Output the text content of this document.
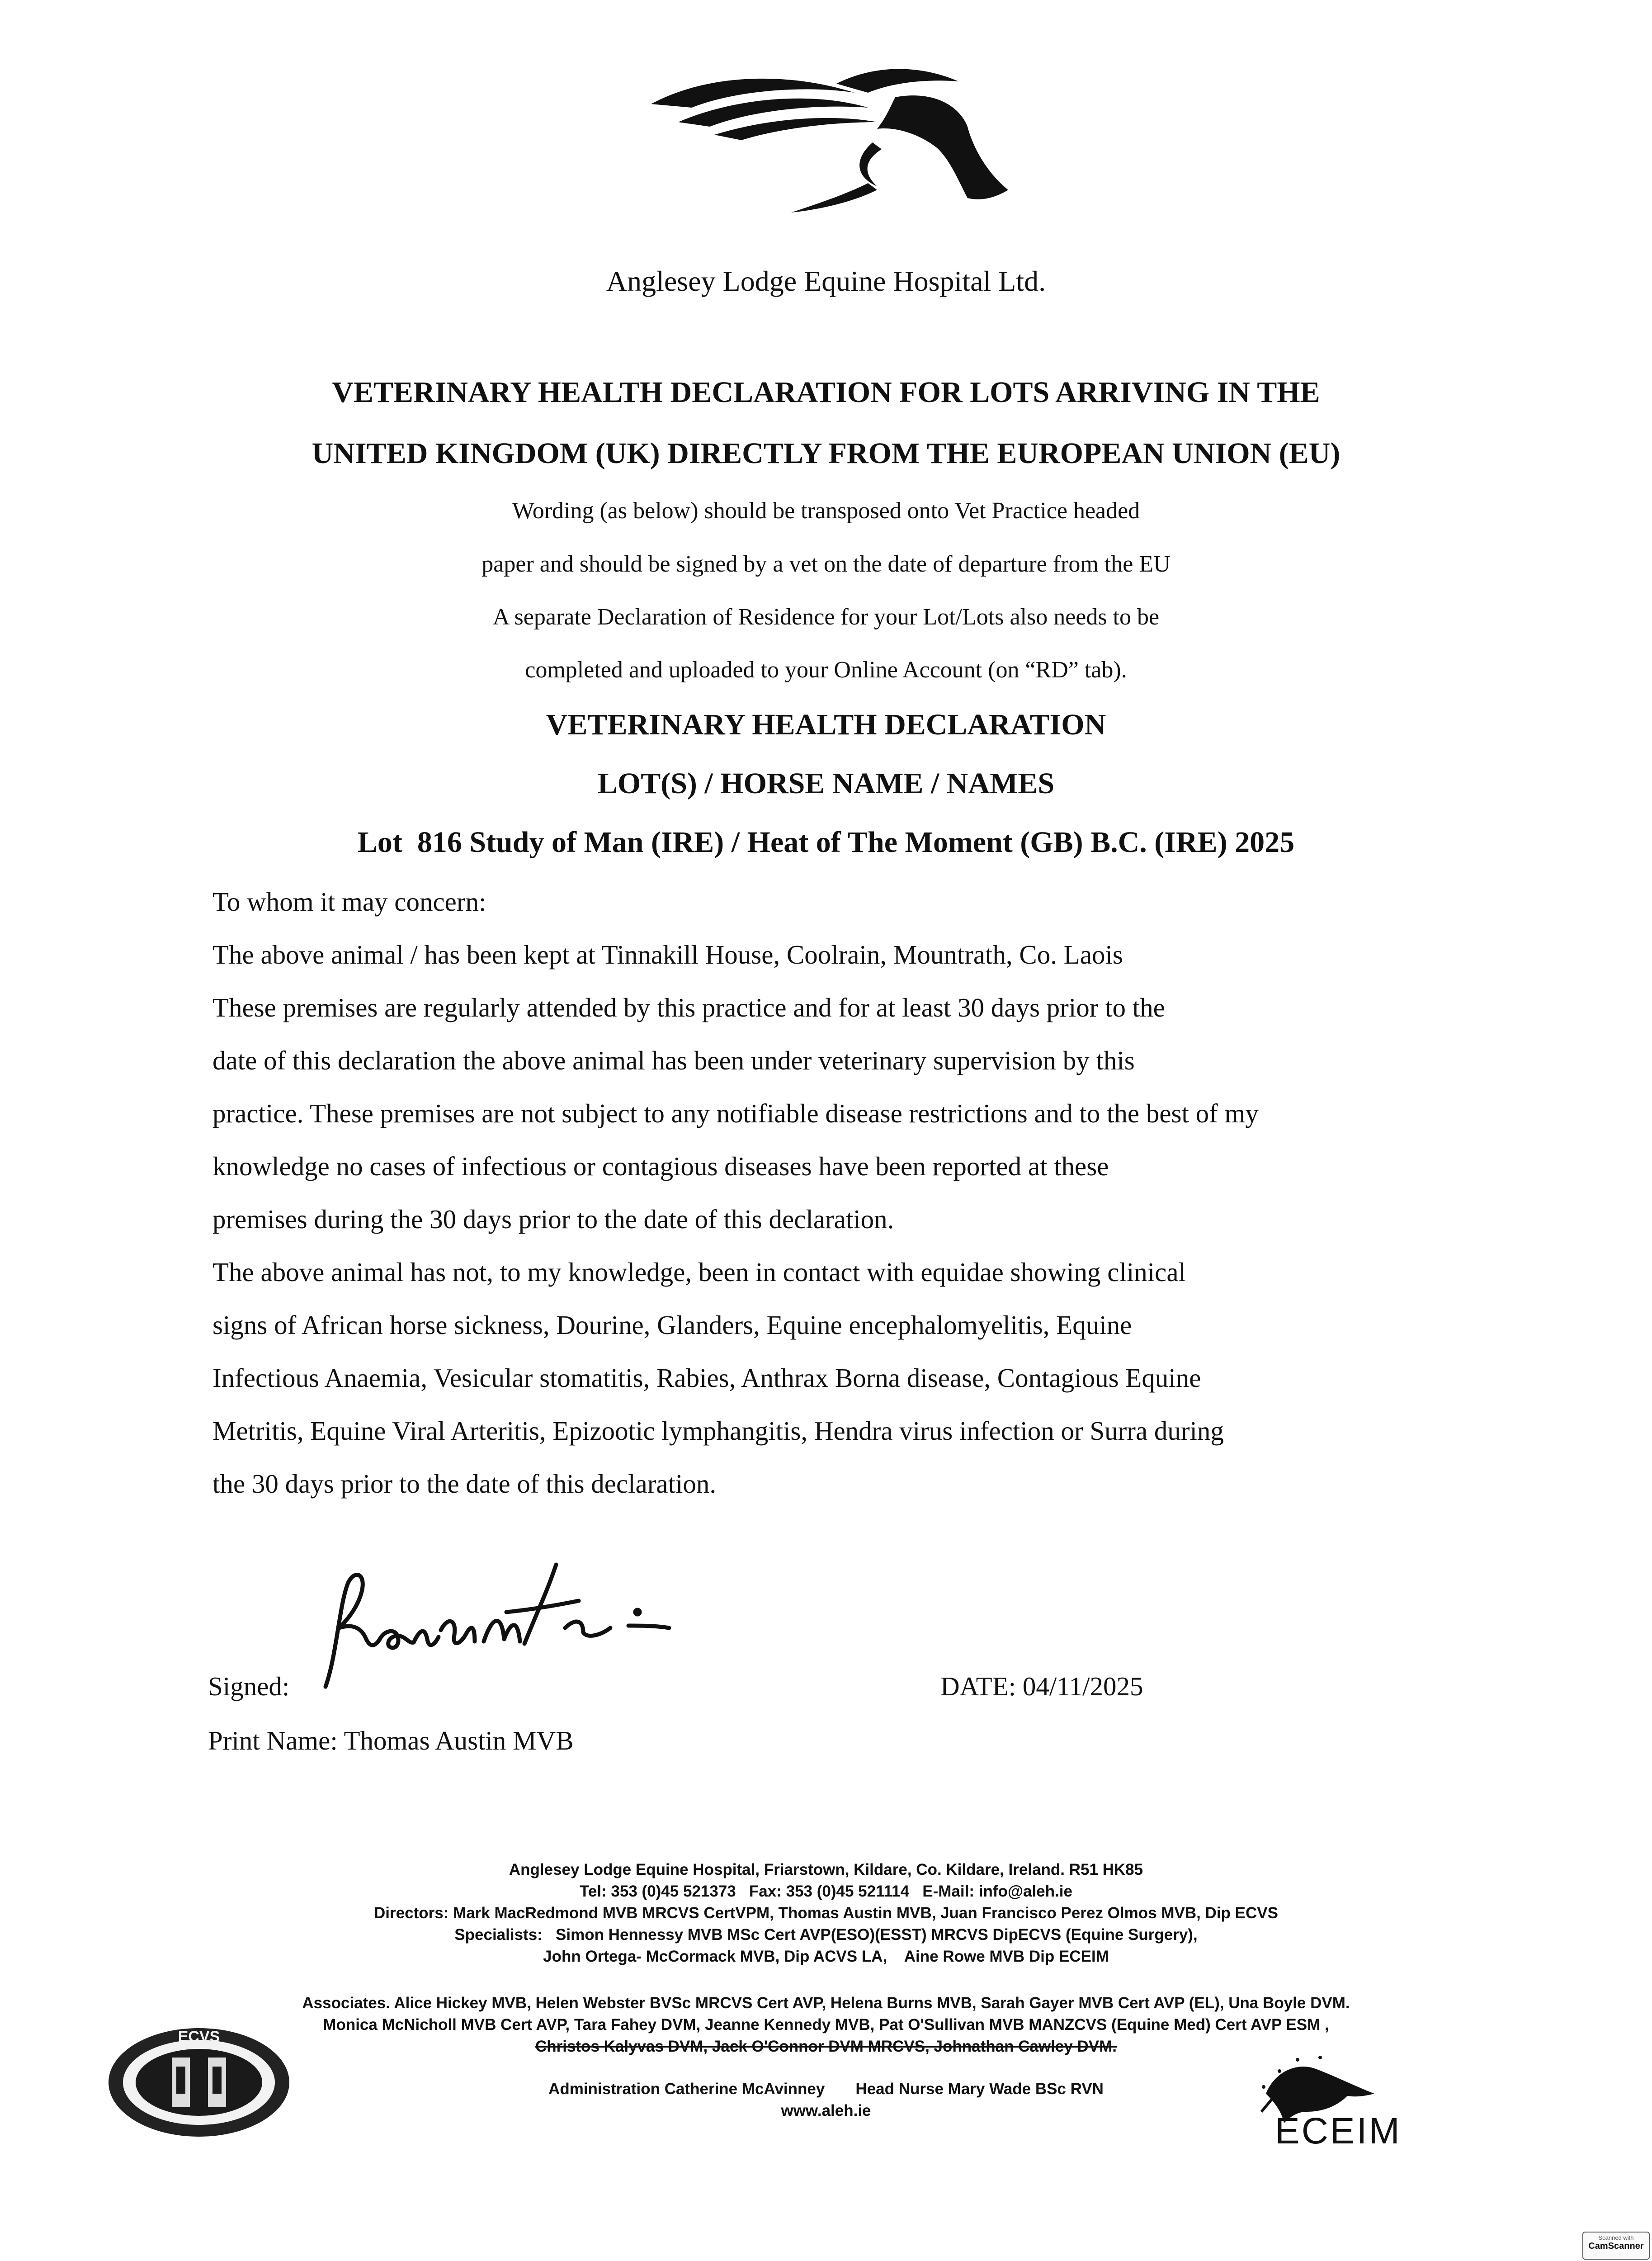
Anglesey Lodge Equine Hospital Ltd.
VETERINARY HEALTH DECLARATION FOR LOTS ARRIVING IN THE
UNITED KINGDOM (UK) DIRECTLY FROM THE EUROPEAN UNION (EU)
Wording (as below) should be transposed onto Vet Practice headed
paper and should be signed by a vet on the date of departure from the EU
A separate Declaration of Residence for your Lot/Lots also needs to be
completed and uploaded to your Online Account (on “RD” tab).
VETERINARY HEALTH DECLARATION
LOT(S) / HORSE NAME / NAMES
Lot  816 Study of Man (IRE) / Heat of The Moment (GB) B.C. (IRE) 2025
To whom it may concern:
The above animal / has been kept at Tinnakill House, Coolrain, Mountrath, Co. Laois
These premises are regularly attended by this practice and for at least 30 days prior to the
date of this declaration the above animal has been under veterinary supervision by this
practice. These premises are not subject to any notifiable disease restrictions and to the best of my
knowledge no cases of infectious or contagious diseases have been reported at these
premises during the 30 days prior to the date of this declaration.
The above animal has not, to my knowledge, been in contact with equidae showing clinical
signs of African horse sickness, Dourine, Glanders, Equine encephalomyelitis, Equine
Infectious Anaemia, Vesicular stomatitis, Rabies, Anthrax Borna disease, Contagious Equine
Metritis, Equine Viral Arteritis, Epizootic lymphangitis, Hendra virus infection or Surra during
the 30 days prior to the date of this declaration.
Signed:	DATE: 04/11/2025
Print Name: Thomas Austin MVB
Anglesey Lodge Equine Hospital, Friarstown, Kildare, Co. Kildare, Ireland. R51 HK85
Tel: 353 (0)45 521373   Fax: 353 (0)45 521114   E-Mail: info@aleh.ie
Directors: Mark MacRedmond MVB MRCVS CertVPM, Thomas Austin MVB, Juan Francisco Perez Olmos MVB, Dip ECVS
Specialists:   Simon Hennessy MVB MSc Cert AVP(ESO)(ESST) MRCVS DipECVS (Equine Surgery),
John Ortega- McCormack MVB, Dip ACVS LA,    Aine Rowe MVB Dip ECEIM
Associates. Alice Hickey MVB, Helen Webster BVSc MRCVS Cert AVP, Helena Burns MVB, Sarah Gayer MVB Cert AVP (EL), Una Boyle DVM.
Monica McNicholl MVB Cert AVP, Tara Fahey DVM, Jeanne Kennedy MVB, Pat O'Sullivan MVB MANZCVS (Equine Med) Cert AVP ESM ,
Christos Kalyvas DVM, Jack O'Connor DVM MRCVS, Johnathan Cawley DVM.
Administration Catherine McAvinney       Head Nurse Mary Wade BSc RVN
www.aleh.ie
ECVS
ECEIM
Scanned with
CamScanner
